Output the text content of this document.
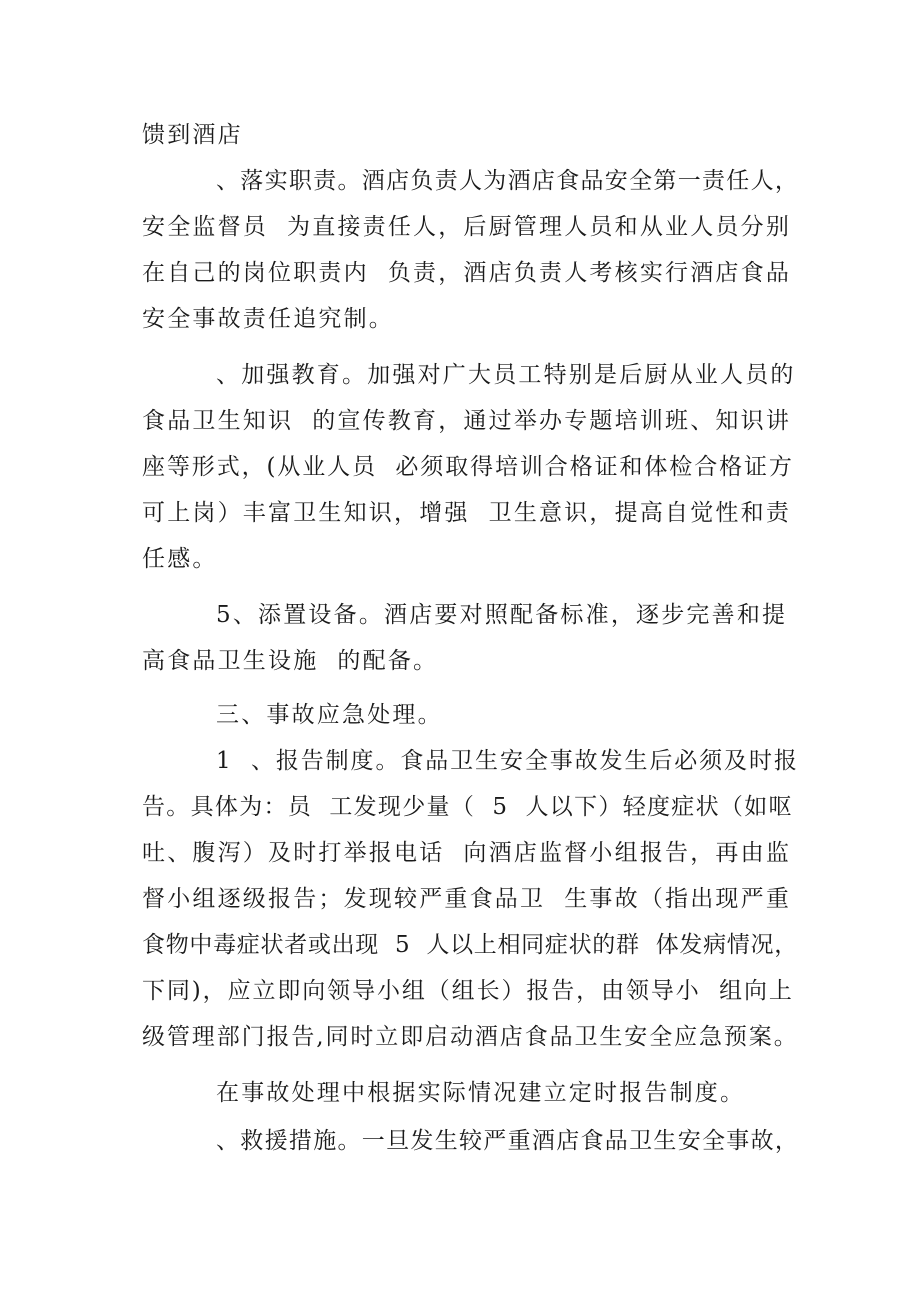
馈到酒店
、落实职责。酒店负责人为酒店食品安全第一责任人，
安全监督员  为直接责任人，后厨管理人员和从业人员分别
在自己的岗位职责内  负责，酒店负责人考核实行酒店食品
安全事故责任追究制。
、加强教育。加强对广大员工特别是后厨从业人员的
食品卫生知识  的宣传教育，通过举办专题培训班、知识讲
座等形式，(从业人员  必须取得培训合格证和体检合格证方
可上岗）丰富卫生知识，增强  卫生意识，提高自觉性和责
任感。
5、添置设备。酒店要对照配备标准，逐步完善和提
高食品卫生设施  的配备。
三、事故应急处理。
1  、报告制度。食品卫生安全事故发生后必须及时报
告。具体为：员  工发现少量（  5  人以下）轻度症状（如呕
吐、腹泻）及时打举报电话  向酒店监督小组报告，再由监
督小组逐级报告；发现较严重食品卫  生事故（指出现严重
食物中毒症状者或出现  5  人以上相同症状的群  体发病情况，
下同)，应立即向领导小组（组长）报告，由领导小  组向上
级管理部门报告,同时立即启动酒店食品卫生安全应急预案。
在事故处理中根据实际情况建立定时报告制度。
、救援措施。一旦发生较严重酒店食品卫生安全事故，
